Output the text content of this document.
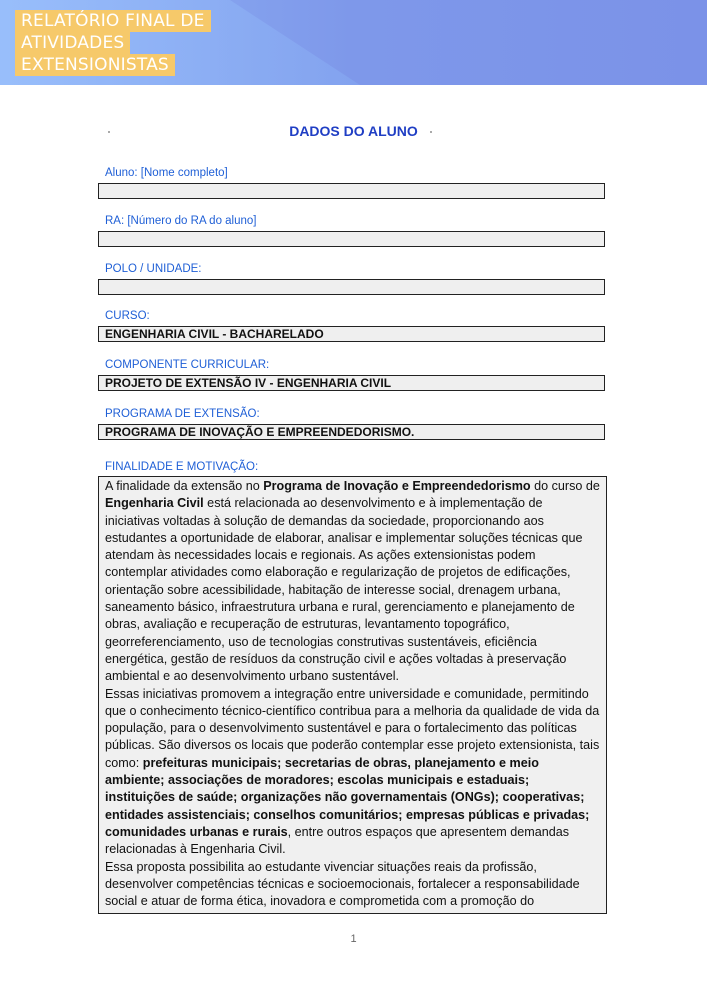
RELATÓRIO FINAL DE
ATIVIDADES
EXTENSIONISTAS
DADOS DO ALUNO
Aluno: [Nome completo]
RA: [Número do RA do aluno]
POLO / UNIDADE:
CURSO:
ENGENHARIA CIVIL - BACHARELADO
COMPONENTE CURRICULAR:
PROJETO DE EXTENSÃO IV - ENGENHARIA CIVIL
PROGRAMA DE EXTENSÃO:
PROGRAMA DE INOVAÇÃO E EMPREENDEDORISMO.
FINALIDADE E MOTIVAÇÃO:

A finalidade da extensão no Programa de Inovação e Empreendedorismo do curso de Engenharia Civil está relacionada ao desenvolvimento e à implementação de iniciativas voltadas à solução de demandas da sociedade, proporcionando aos estudantes a oportunidade de elaborar, analisar e implementar soluções técnicas que atendam às necessidades locais e regionais. As ações extensionistas podem contemplar atividades como elaboração e regularização de projetos de edificações, orientação sobre acessibilidade, habitação de interesse social, drenagem urbana, saneamento básico, infraestrutura urbana e rural, gerenciamento e planejamento de obras, avaliação e recuperação de estruturas, levantamento topográfico, georreferenciamento, uso de tecnologias construtivas sustentáveis, eficiência energética, gestão de resíduos da construção civil e ações voltadas à preservação ambiental e ao desenvolvimento urbano sustentável.

Essas iniciativas promovem a integração entre universidade e comunidade, permitindo que o conhecimento técnico-científico contribua para a melhoria da qualidade de vida da população, para o desenvolvimento sustentável e para o fortalecimento das políticas públicas. São diversos os locais que poderão contemplar esse projeto extensionista, tais como: prefeituras municipais; secretarias de obras, planejamento e meio ambiente; associações de moradores; escolas municipais e estaduais; instituições de saúde; organizações não governamentais (ONGs); cooperativas; entidades assistenciais; conselhos comunitários; empresas públicas e privadas; comunidades urbanas e rurais, entre outros espaços que apresentem demandas relacionadas à Engenharia Civil.

Essa proposta possibilita ao estudante vivenciar situações reais da profissão, desenvolver competências técnicas e socioemocionais, fortalecer a responsabilidade social e atuar de forma ética, inovadora e comprometida com a promoção do

1
